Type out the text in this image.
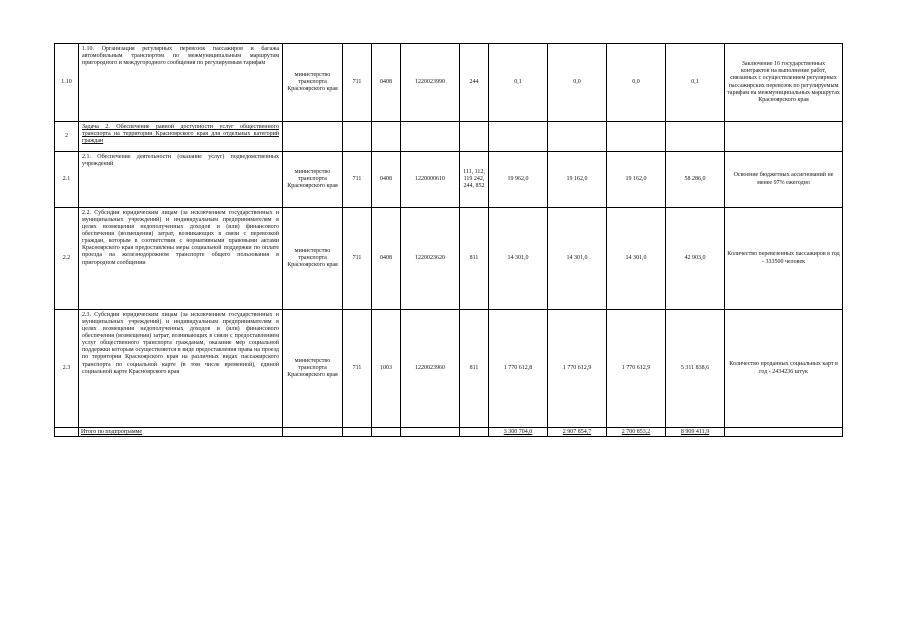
1.10	1.10. Организация регулярных перевозок пассажиров и багажа автомобильным транспортом по межмуниципальным маршрутам пригородного и междугородного сообщения по регулируемым тарифам	министерство транспорта Красноярского края	711	0408	1220023990	244	0,1	0,0	0,0	0,1	Заключение 16 государственных контрактов на выполнение работ, связанных с осуществлением регулярных пассажирских перевозок по регулируемым тарифам на межмуниципальных маршрутах Красноярского края
2	Задача 2. Обеспечение равной доступности услуг общественного транспорта на территории Красноярского края для отдельных категорий граждан										
2.1	2.1. Обеспечение деятельности (оказание услуг) подведомственных учреждений	министерство транспорта Красноярского края	711	0408	1220000610	111, 112, 119 242, 244, 852	19 962,0	19 162,0	19 162,0	58 286,0	Освоение бюджетных ассигнований не менее 97% ежегодно
2.2	2.2. Субсидии юридическим лицам (за исключением государственных и муниципальных учреждений) и индивидуальным предпринимателям в целях возмещения недополученных доходов и (или) финансового обеспечения (возмещения) затрат, возникающих в связи с перевозкой граждан, которым в соответствии с нормативными правовыми актами Красноярского края предоставлены меры социальной поддержки по оплате проезда на железнодорожном транспорте общего пользования в пригородном сообщении	министерство транспорта Красноярского края	711	0408	1220023620	811	14 301,0	14 301,0	14 301,0	42 903,0	Количество перевезенных пассажиров в год - 333500 человек
2.3	2.3. Субсидии юридическим лицам (за исключением государственных и муниципальных учреждений) и индивидуальным предпринимателям в целях возмещения недополученных доходов и (или) финансового обеспечения (возмещения) затрат, возникающих в связи с предоставлением услуг общественного транспорта гражданам, оказание мер социальной поддержки которым осуществляется в виде предоставления права на проезд по территории Красноярского края на различных видах пассажирского транспорта по социальной карте (в том числе временной), единой социальной карте Красноярского края	министерство транспорта Красноярского края	711	1003	1220023960	811	1 770 612,8	1 770 612,9	1 770 612,9	5 311 838,6	Количество проданных социальных карт в год - 2434236 штук
	Итого по подпрограмме						3 300 704,0	2 907 854,7	2 700 853,2	8 909 411,9	
